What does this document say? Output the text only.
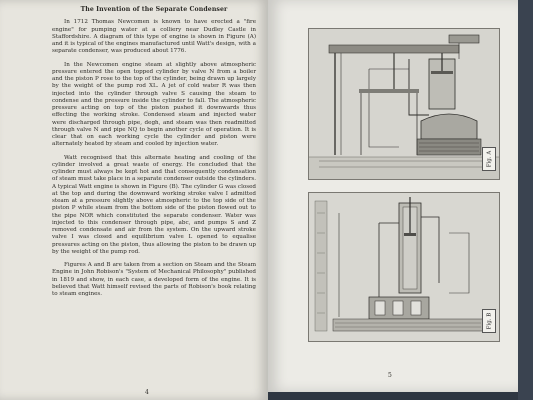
The Invention of the Separate Condenser

In 1712 Thomas Newcomen is known to have erected a "fire engine" for pumping water at a colliery near Dudley Castle in Staffordshire. A diagram of this type of engine is shown in Figure (A) and it is typical of the engines manufactured until Watt's design, with a separate condenser, was produced about 1776.

In the Newcomen engine steam at slightly above atmospheric pressure entered the open topped cylinder by valve N from a boiler and the piston P rose to the top of the cylinder, being drawn up largely by the weight of the pump rod XL. A jet of cold water R was then injected into the cylinder through valve S causing the steam to condense and the pressure inside the cylinder to fall. The atmospheric pressure acting on top of the piston pushed it downwards thus effecting the working stroke. Condensed steam and injected water were discharged through pipe, degh, and steam was then readmitted through valve N and pipe NQ to begin another cycle of operation. It is clear that on each working cycle the cylinder and piston were alternately heated by steam and cooled by injection water.

Watt recognised that this alternate heating and cooling of the cylinder involved a great waste of energy. He concluded that the cylinder must always be kept hot and that consequently condensation of steam must take place in a separate condenser outside the cylinders. A typical Watt engine is shown in Figure (B). The cylinder G was closed at the top and during the downward working stroke valve I admitted steam at a pressure slightly above atmospheric to the top side of the piston P while steam from the bottom side of the piston flowed out to the pipe NOR which constituted the separate condenser. Water was injected to this condenser through pipe, abc, and pumps S and Z removed condensate and air from the system. On the upward stroke valve I was closed and equilibrium valve L opened to equalise pressures acting on the piston, thus allowing the piston to be drawn up by the weight of the pump rod.

Figures A and B are taken from a section on Steam and the Steam Engine in John Robison's "System of Mechanical Philosophy" published in 1819 and show, in each case, a developed form of the engine. It is believed that Watt himself revised the parts of Robison's book relating to steam engines.

4
Fig. A
Fig. B
5
